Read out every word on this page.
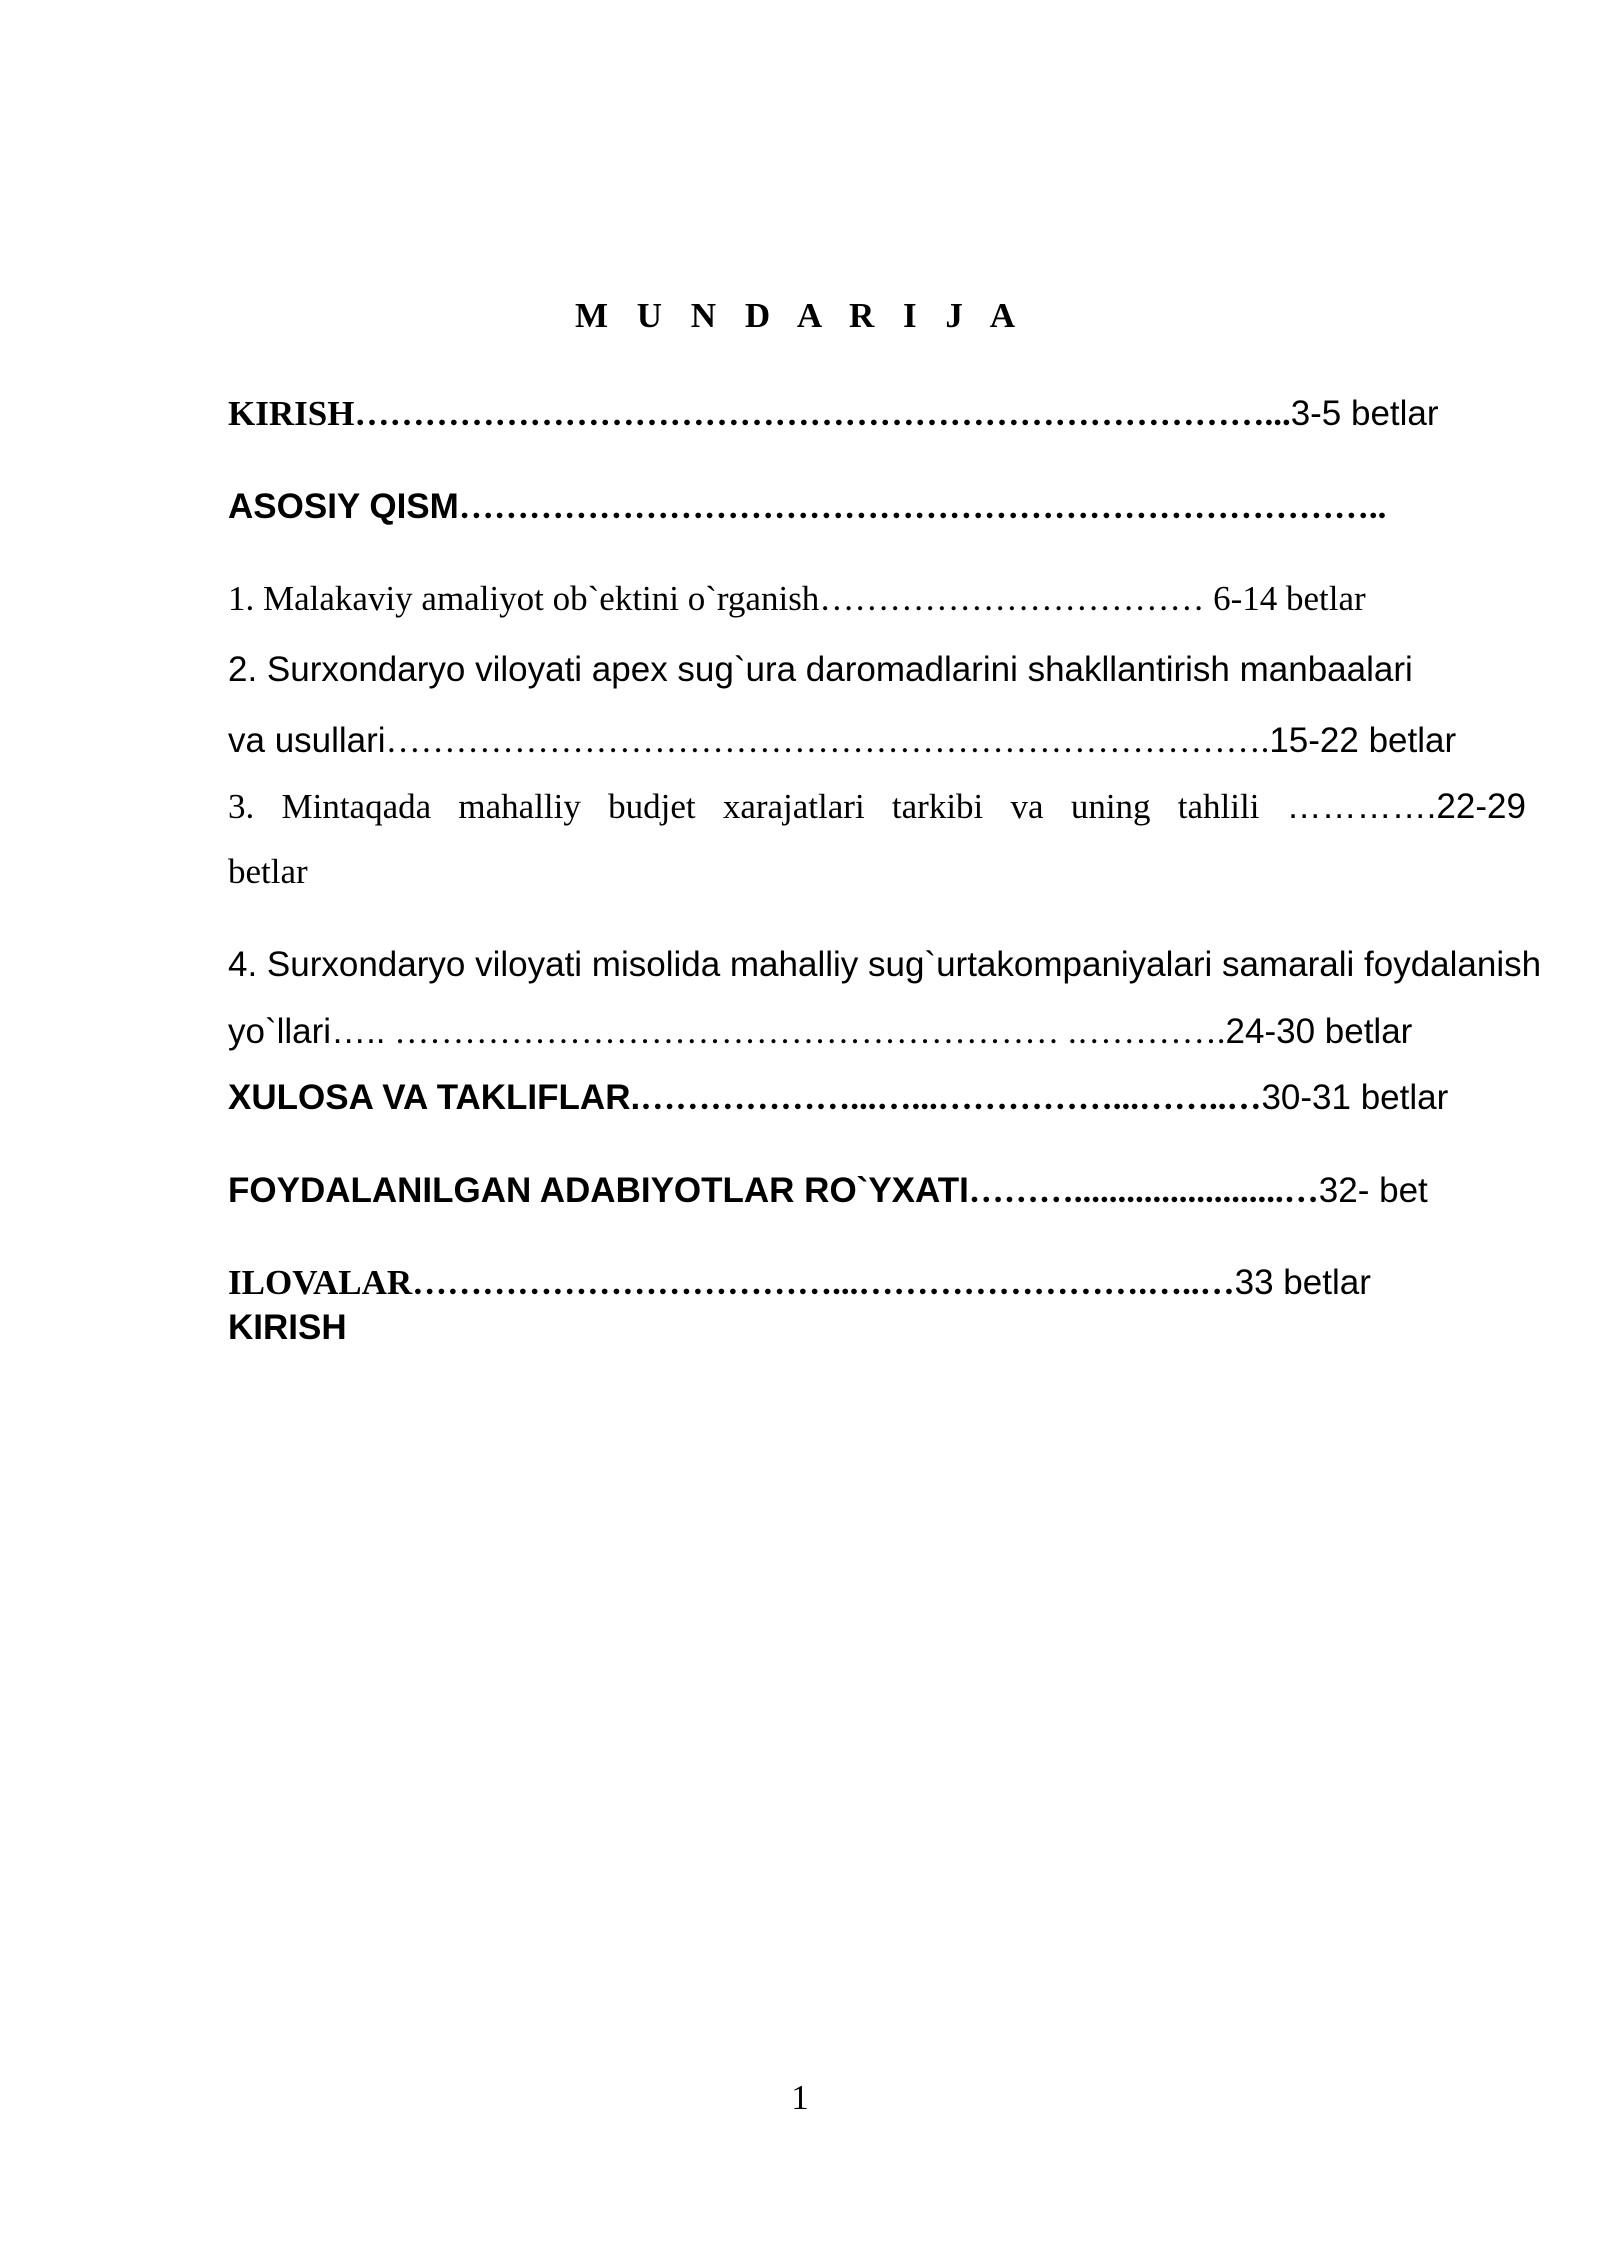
M U N D A R I J A
KIRISH……………………………………………………………………...3-5 betlar
ASOSIY QISM……………………………………………………………………..
1. Malakaviy amaliyot ob`ektini o`rganish…………………………… 6-14 betlar
2. Surxondaryo viloyati apex sug`ura daromadlarini shakllantirish manbaalari
va usullari………………………………………………………………….15-22 betlar
3. Mintaqada mahalliy budjet xarajatlari tarkibi va uning tahlili ………….22-29
betlar
4. Surxondaryo viloyati misolida mahalliy sug`urtakompaniyalari samarali foydalanish
yo`llari….. ………………………………………………… .………….24-30 betlar
XULOSA VA TAKLIFLAR.………………...…...……………...……..…30-31 betlar
FOYDALANILGAN ADABIYOTLAR RO`YXATI………........................…32- bet
ILOVALAR………………………………...…………………….…..…33 betlar
KIRISH
1
